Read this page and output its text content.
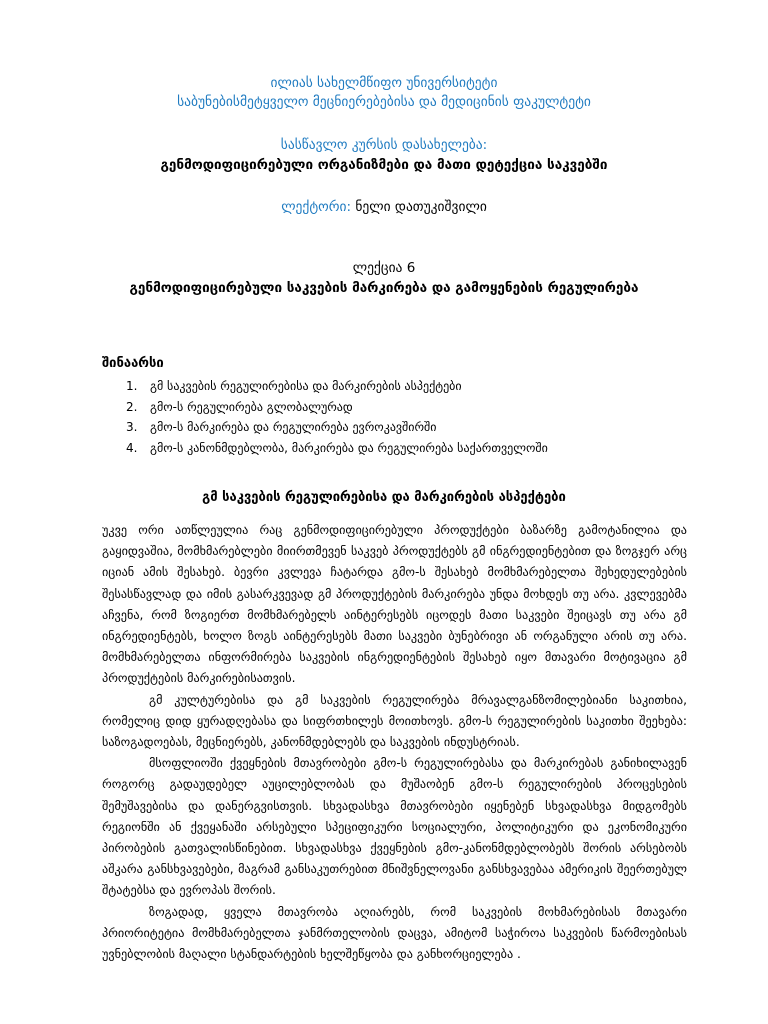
ილიას სახელმწიფო უნივერსიტეტი
საბუნებისმეტყველო მეცნიერებებისა და მედიცინის ფაკულტეტი
სასწავლო კურსის დასახელება:
გენმოდიფიცირებული ორგანიზმები და მათი დეტექცია საკვებში
ლექტორი: ნელი დათუკიშვილი
ლექცია 6
გენმოდიფიცირებული საკვების მარკირება და გამოყენების რეგულირება
შინაარსი
1.	გმ საკვების რეგულირებისა და მარკირების ასპექტები
2.	გმო-ს რეგულირება გლობალურად
3.	გმო-ს მარკირება და რეგულირება ევროკავშირში
4.	გმო-ს კანონმდებლობა, მარკირება და რეგულირება საქართველოში
გმ საკვების რეგულირებისა და მარკირების ასპექტები

უკვე ორი ათწლეულია რაც გენმოდიფიცირებული პროდუქტები ბაზარზე გამოტანილია და გაყიდვაშია, მომხმარებლები მიირთმევენ საკვებ პროდუქტებს გმ ინგრედიენტებით და ზოგჯერ არც იციან ამის შესახებ. ბევრი კვლევა ჩატარდა გმო-ს შესახებ მომხმარებელთა შეხედულებების შესასწავლად და იმის გასარკვევად გმ პროდუქტების მარკირება უნდა მოხდეს თუ არა. კვლევებმა აჩვენა, რომ ზოგიერთ მომხმარებელს აინტერესებს იცოდეს მათი საკვები შეიცავს თუ არა გმ ინგრედიენტებს, ხოლო ზოგს აინტერესებს მათი საკვები ბუნებრივი ან ორგანული არის თუ არა. მომხმარებელთა ინფორმირება საკვების ინგრედიენტების შესახებ იყო მთავარი მოტივაცია გმ პროდუქტების მარკირებისათვის.

გმ კულტურებისა და გმ საკვების რეგულირება მრავალგანზომილებიანი საკითხია, რომელიც დიდ ყურადღებასა და სიფრთხილეს მოითხოვს. გმო-ს რეგულირების საკითხი შეეხება: საზოგადოებას, მეცნიერებს, კანონმდებლებს და საკვების ინდუსტრიას.

მსოფლიოში ქვეყნების მთავრობები გმო-ს რეგულირებასა და მარკირებას განიხილავენ როგორც გადაუდებელ აუცილებლობას და მუშაობენ გმო-ს რეგულირების პროცესების შემუშავებისა და დანერგვისთვის. სხვადასხვა მთავრობები იყენებენ სხვადასხვა მიდგომებს რეგიონში ან ქვეყანაში არსებული სპეციფიკური სოციალური, პოლიტიკური და ეკონომიკური პირობების გათვალისწინებით. სხვადასხვა ქვეყნების გმო-კანონმდებლობებს შორის არსებობს აშკარა განსხვავებები, მაგრამ განსაკუთრებით მნიშვნელოვანი განსხვავებაა ამერიკის შეერთებულ შტატებსა და ევროპას შორის.

ზოგადად, ყველა მთავრობა აღიარებს, რომ საკვების მოხმარებისას მთავარი პრიორიტეტია მომხმარებელთა ჯანმრთელობის დაცვა, ამიტომ საჭიროა საკვების წარმოებისას უვნებლობის მაღალი სტანდარტების ხელშეწყობა და განხორციელება .
